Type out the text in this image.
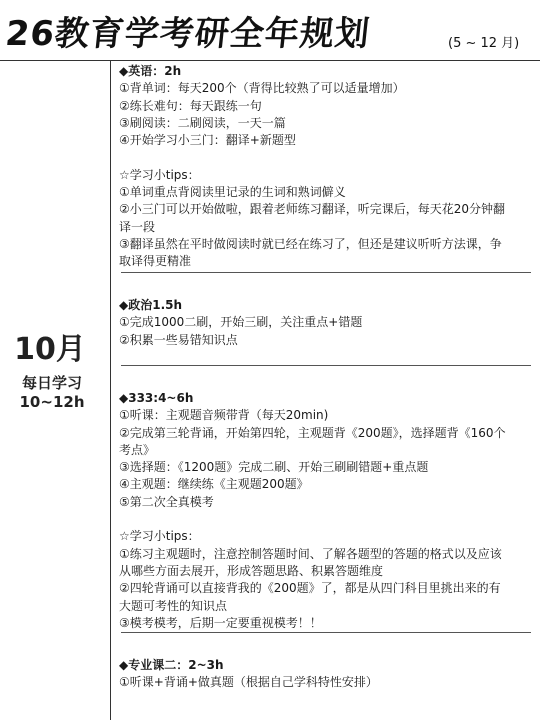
26教育学考研全年规划	(5 ~ 12 月)
10月
每日学习
10~12h
◆英语：2h
①背单词：每天200个（背得比较熟了可以适量增加）
②练长难句：每天跟练一句
③刷阅读：二刷阅读，一天一篇
④开始学习小三门：翻译+新题型

☆学习小tips：
①单词重点背阅读里记录的生词和熟词僻义
②小三门可以开始做啦，跟着老师练习翻译，听完课后，每天花20分钟翻
译一段
③翻译虽然在平时做阅读时就已经在练习了，但还是建议听听方法课，争
取译得更精准
◆政治1.5h
①完成1000二刷，开始三刷，关注重点+错题
②积累一些易错知识点
◆333:4~6h
①听课：主观题音频带背（每天20min)
②完成第三轮背诵，开始第四轮，主观题背《200题》，选择题背《160个
考点》
③选择题：《1200题》完成二刷、开始三刷刷错题+重点题
④主观题：继续练《主观题200题》
⑤第二次全真模考

☆学习小tips：
①练习主观题时，注意控制答题时间、了解各题型的答题的格式以及应该
从哪些方面去展开，形成答题思路、积累答题维度
②四轮背诵可以直接背我的《200题》了，都是从四门科目里挑出来的有
大题可考性的知识点
③模考模考，后期一定要重视模考！！
◆专业课二：2~3h
①听课+背诵+做真题（根据自己学科特性安排）
